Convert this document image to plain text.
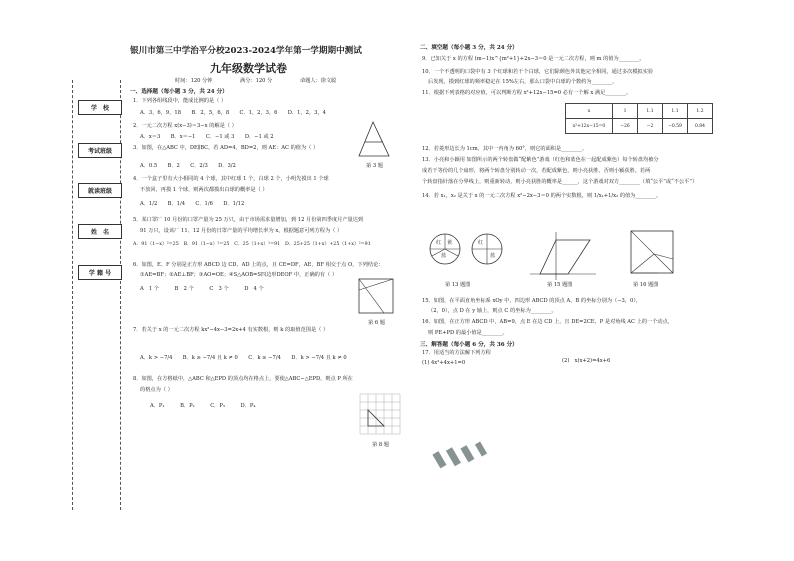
学　校
考试班级
就读班级
姓　名
学 籍 号
银川市第三中学治平分校2023-2024学年第一学期期中测试
九年级数学试卷
时间：120 分钟	满分：120 分	命题人：徐文聪
一、选择题（每小题 3 分，共 24 分）
1．下列各组线段中，能成比例的是（ ）
A．3，6，9，18　　B．2，5，6，8　　C．1，2，3，6　　D．1，2，3，4
2．一元二次方程 x(x−3)＝3−x 的解是（ ）
A．x＝3　　B．x＝−1　　C．−1 或 3　　D．−1 或 2
3．如图，在△ABC 中，DE∥BC，若 AD=4，BD=2，则 AE：AC 的值为（ ）
A．0.5　　B．2　　C．2/3　　D．3/2	第 3 题
4．一个盒子里有大小相同的 4 个球，其中红球 1 个，白球 2 个，小明先摸出 1 个球
不放回，再摸 1 个球，则两次都摸出白球的概率是（ ）
A．1/2　　B．1/4　　C．1/6　　D．1/12
5．某口罩厂 10 月份的口罩产量为 25 万只，由于市场需求量增加，到 12 月份第四季度月产量达到
91 万只，设该厂 11、12 月份的日罩产量的平均增长率为 x，根据题意可列方程为（ ）
A．91（1−x）²=25　B．91（1−x）²=25　C．25（1+x）²=91　D．25+25（1+x）+25（1+x）²=91
6．如图，E、F 分别是正方形 ABCD 边 CD、AD 上的点，且 CE=DF，AE、BF 相交于点 O，下列结论：
①AE=BF；②AE⊥BF；③AO=OE；④S△AOB=S四边形DEOF 中，正确的有（ ）
A　1 个　　　B　2 个　　　C　3 个　　　D　4 个
第 6 题
7．若关于 x 的一元二次方程 kx²−4x−3=2x+4 有实数根，则 k 的取值范围是（ ）
A．k > −7/4　　B．k ≥ −7/4 且 k ≠ 0　　C．k ≥ −7/4　　D．k > −7/4 且 k ≠ 0
8．如图，在方格纸中，△ABC 和△EPD 的顶点均在格点上，要使△ABC∽△EPD，则点 P 所在
的格点为（ ）
A．P₁　　　B．P₂　　　C．P₃　　　D．P₄
第 8 题
二、填空题（每小题 3 分，共 24 分）
9．已知关于 x 的方程 (m−1)x^{m²+1}+2x−3＝0 是一元二次方程，则 m 的值为________。
10．一个不透明的口袋中有 3 个红球和若干个白球，它们除颜色外其他完全相同，通过多次模拟实验
后发现，摸到红球的频率稳定在 15%左右，那么口袋中白球的个数约为________。
11．根据下列表格的对应值，可以判断方程 x²+12x−15=0 必有一个解 x 满足________。
x	1	1.1	1.1	1.2
x²+12x−15=0	−26	−2	−0.59	0.84
12．若菱形边长为 1cm，其中一内角为 60°，则它的面积是________。
13．小亮和小颖用 如图所示的两个转盘做“配紫色”游戏（红色和蓝色在一起配成紫色）每个转盘均被分
成若干等份的几个扇形，将两个转盘分别转动一次，若配成紫色，则小亮获胜，否则小颖获胜。若两
个转盘指针落在分界线上，则重新转动，则小亮获胜的概率是______，这个游戏对双方________（填“公平”或“不公平”）
14．若 x₁，x₂ 是关于 x 的一元二次方程 x²−2x−3＝0 的两个实数根，则 1/x₁+1/x₂ 的值为________。
红 黄
蓝
红
蓝
第 13 题图	第 15 题图	第 16 题图
15．如图，在平面直角坐标系 xOy 中，四边形 ABCD 的顶点 A，B 的坐标分别为（−3，0），
（2，0），点 D 在 y 轴上，则点 C 的坐标为________。
16．如图，在正方形 ABCD 中，AB=9，点 E 在边 CD 上，且 DE=2CE，P 是对角线 AC 上的一个动点，
则 PE+PD 的最小值是________。
三、解答题（每小题 6 分，共 36 分）
17．用适当的方法解下列方程
(1) 4x²+4x+1=0	(2)　x(x+2)=4x+6
